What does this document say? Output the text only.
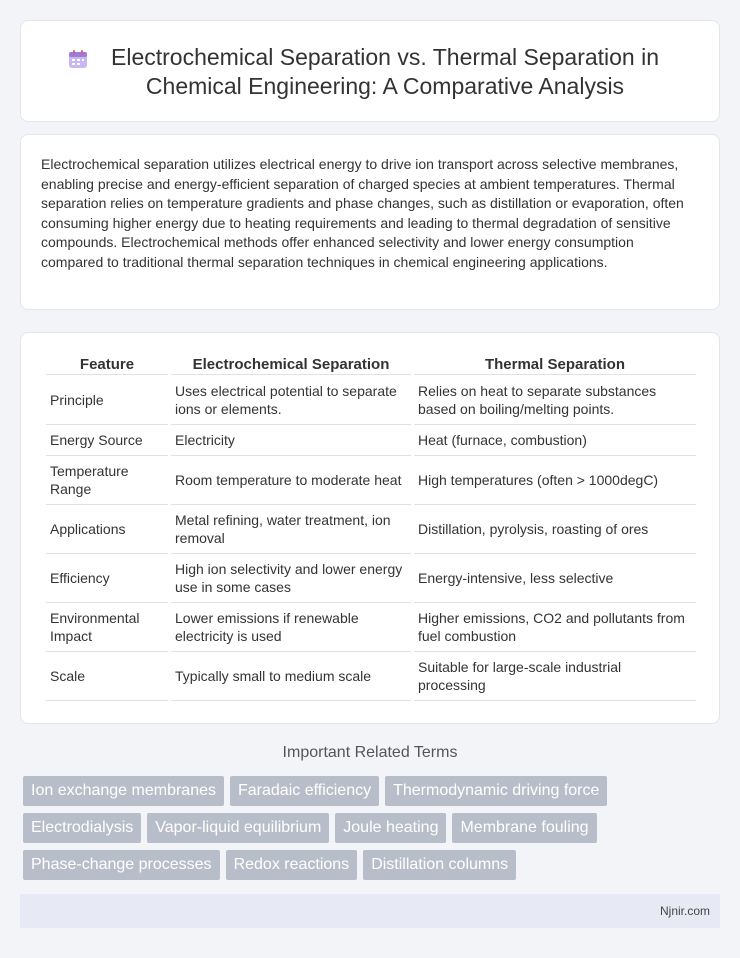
Electrochemical Separation vs. Thermal Separation in Chemical Engineering: A Comparative Analysis

Electrochemical separation utilizes electrical energy to drive ion transport across selective membranes, enabling precise and energy-efficient separation of charged species at ambient temperatures. Thermal separation relies on temperature gradients and phase changes, such as distillation or evaporation, often consuming higher energy due to heating requirements and leading to thermal degradation of sensitive compounds. Electrochemical methods offer enhanced selectivity and lower energy consumption compared to traditional thermal separation techniques in chemical engineering applications.

Feature	Electrochemical Separation	Thermal Separation
Principle	Uses electrical potential to separate ions or elements.	Relies on heat to separate substances based on boiling/melting points.
Energy Source	Electricity	Heat (furnace, combustion)
Temperature Range	Room temperature to moderate heat	High temperatures (often > 1000degC)
Applications	Metal refining, water treatment, ion removal	Distillation, pyrolysis, roasting of ores
Efficiency	High ion selectivity and lower energy use in some cases	Energy-intensive, less selective
Environmental Impact	Lower emissions if renewable electricity is used	Higher emissions, CO2 and pollutants from fuel combustion
Scale	Typically small to medium scale	Suitable for large-scale industrial processing
Important Related Terms
Ion exchange membranes	Faradaic efficiency	Thermodynamic driving force
Electrodialysis	Vapor-liquid equilibrium	Joule heating	Membrane fouling
Phase-change processes	Redox reactions	Distillation columns
Njnir.com
